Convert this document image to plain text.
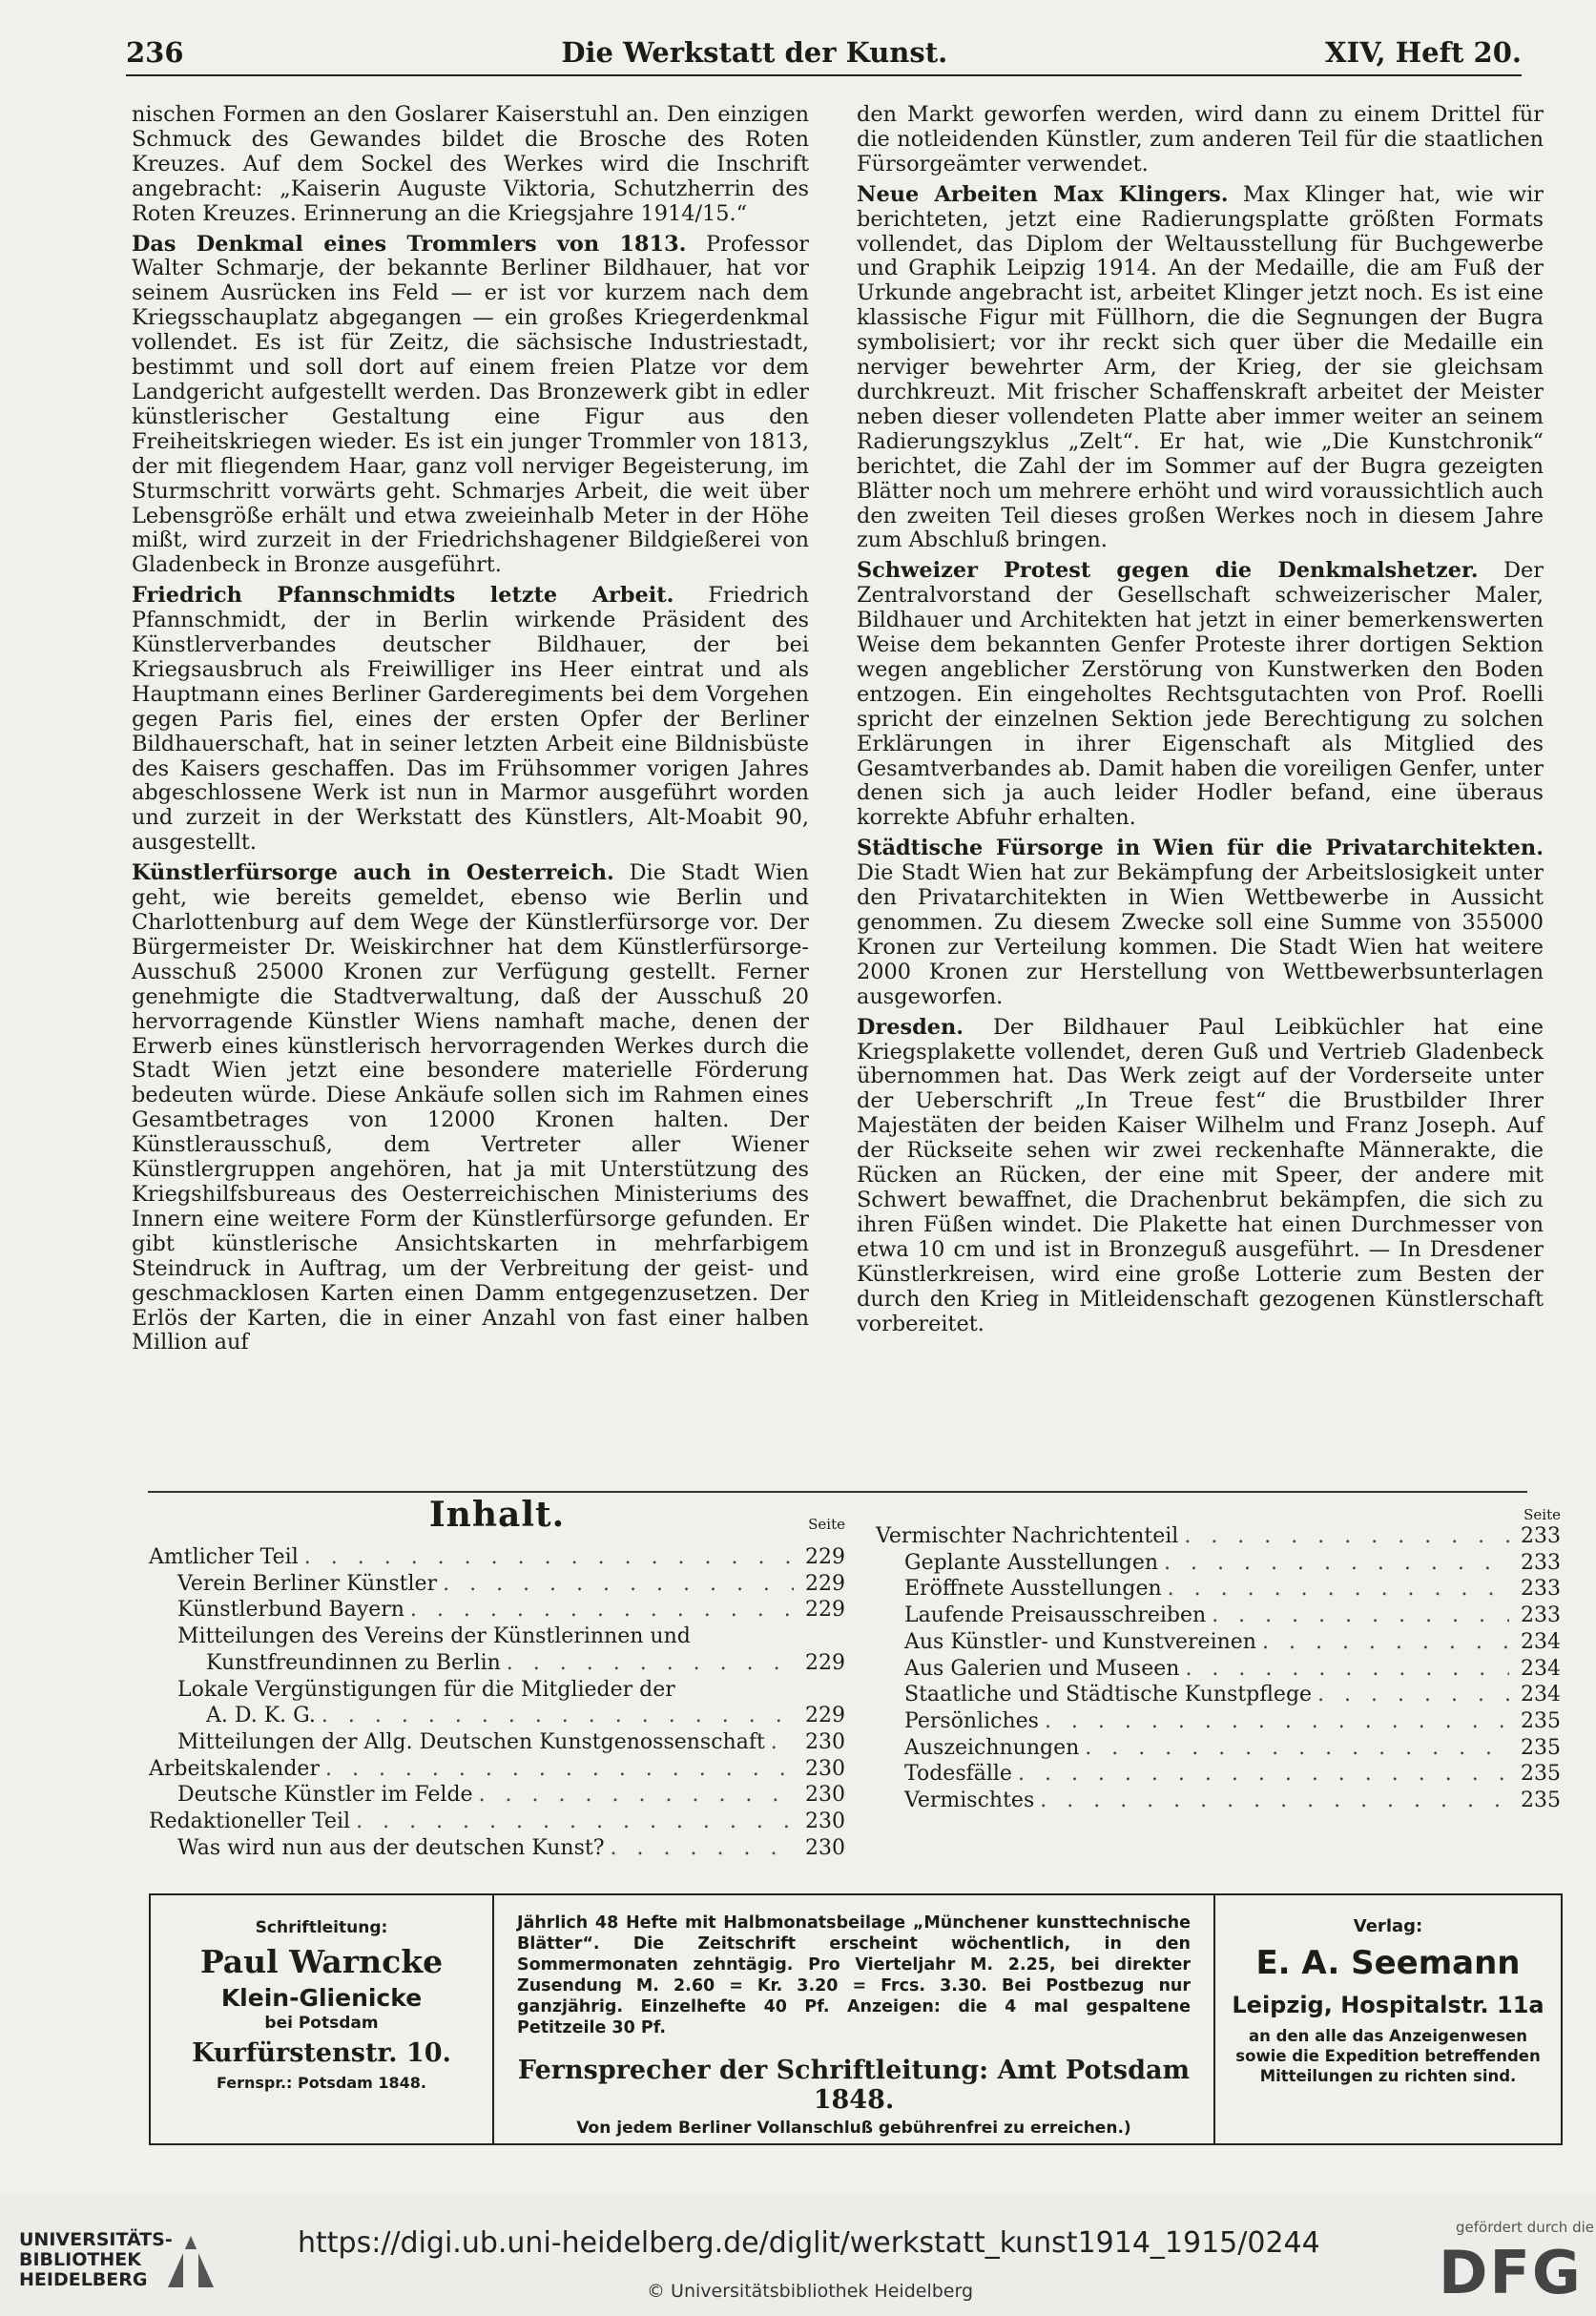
236	Die Werkstatt der Kunst.	XIV, Heft 20.

nischen Formen an den Goslarer Kaiserstuhl an. Den einzigen Schmuck des Gewandes bildet die Brosche des Roten Kreuzes. Auf dem Sockel des Werkes wird die Inschrift angebracht: „Kaiserin Auguste Viktoria, Schutzherrin des Roten Kreuzes. Erinnerung an die Kriegsjahre 1914/15.“

Das Denkmal eines Trommlers von 1813. Professor Walter Schmarje, der bekannte Berliner Bildhauer, hat vor seinem Ausrücken ins Feld — er ist vor kurzem nach dem Kriegsschauplatz abgegangen — ein großes Kriegerdenkmal vollendet. Es ist für Zeitz, die sächsische Industriestadt, bestimmt und soll dort auf einem freien Platze vor dem Landgericht aufgestellt werden. Das Bronzewerk gibt in edler künstlerischer Gestaltung eine Figur aus den Freiheitskriegen wieder. Es ist ein junger Trommler von 1813, der mit fliegendem Haar, ganz voll nerviger Begeisterung, im Sturmschritt vorwärts geht. Schmarjes Arbeit, die weit über Lebensgröße erhält und etwa zweieinhalb Meter in der Höhe mißt, wird zurzeit in der Friedrichshagener Bildgießerei von Gladenbeck in Bronze ausgeführt.

Friedrich Pfannschmidts letzte Arbeit. Friedrich Pfannschmidt, der in Berlin wirkende Präsident des Künstlerverbandes deutscher Bildhauer, der bei Kriegsausbruch als Freiwilliger ins Heer eintrat und als Hauptmann eines Berliner Garderegiments bei dem Vorgehen gegen Paris fiel, eines der ersten Opfer der Berliner Bildhauerschaft, hat in seiner letzten Arbeit eine Bildnisbüste des Kaisers geschaffen. Das im Frühsommer vorigen Jahres abgeschlossene Werk ist nun in Marmor ausgeführt worden und zurzeit in der Werkstatt des Künstlers, Alt-Moabit 90, ausgestellt.

Künstlerfürsorge auch in Oesterreich. Die Stadt Wien geht, wie bereits gemeldet, ebenso wie Berlin und Charlottenburg auf dem Wege der Künstlerfürsorge vor. Der Bürgermeister Dr. Weiskirchner hat dem Künstlerfürsorge-Ausschuß 25000 Kronen zur Verfügung gestellt. Ferner genehmigte die Stadtverwaltung, daß der Ausschuß 20 hervorragende Künstler Wiens namhaft mache, denen der Erwerb eines künstlerisch hervorragenden Werkes durch die Stadt Wien jetzt eine besondere materielle Förderung bedeuten würde. Diese Ankäufe sollen sich im Rahmen eines Gesamtbetrages von 12000 Kronen halten. Der Künstlerausschuß, dem Vertreter aller Wiener Künstlergruppen angehören, hat ja mit Unterstützung des Kriegshilfsbureaus des Oesterreichischen Ministeriums des Innern eine weitere Form der Künstlerfürsorge gefunden. Er gibt künstlerische Ansichtskarten in mehrfarbigem Steindruck in Auftrag, um der Verbreitung der geist- und geschmacklosen Karten einen Damm entgegenzusetzen. Der Erlös der Karten, die in einer Anzahl von fast einer halben Million auf

den Markt geworfen werden, wird dann zu einem Drittel für die notleidenden Künstler, zum anderen Teil für die staatlichen Fürsorgeämter verwendet.

Neue Arbeiten Max Klingers. Max Klinger hat, wie wir berichteten, jetzt eine Radierungsplatte größten Formats vollendet, das Diplom der Weltausstellung für Buchgewerbe und Graphik Leipzig 1914. An der Medaille, die am Fuß der Urkunde angebracht ist, arbeitet Klinger jetzt noch. Es ist eine klassische Figur mit Füllhorn, die die Segnungen der Bugra symbolisiert; vor ihr reckt sich quer über die Medaille ein nerviger bewehrter Arm, der Krieg, der sie gleichsam durchkreuzt. Mit frischer Schaffenskraft arbeitet der Meister neben dieser vollendeten Platte aber immer weiter an seinem Radierungszyklus „Zelt“. Er hat, wie „Die Kunstchronik“ berichtet, die Zahl der im Sommer auf der Bugra gezeigten Blätter noch um mehrere erhöht und wird voraussichtlich auch den zweiten Teil dieses großen Werkes noch in diesem Jahre zum Abschluß bringen.

Schweizer Protest gegen die Denkmalshetzer. Der Zentralvorstand der Gesellschaft schweizerischer Maler, Bildhauer und Architekten hat jetzt in einer bemerkenswerten Weise dem bekannten Genfer Proteste ihrer dortigen Sektion wegen angeblicher Zerstörung von Kunstwerken den Boden entzogen. Ein eingeholtes Rechtsgutachten von Prof. Roelli spricht der einzelnen Sektion jede Berechtigung zu solchen Erklärungen in ihrer Eigenschaft als Mitglied des Gesamtverbandes ab. Damit haben die voreiligen Genfer, unter denen sich ja auch leider Hodler befand, eine überaus korrekte Abfuhr erhalten.

Städtische Fürsorge in Wien für die Privatarchitekten. Die Stadt Wien hat zur Bekämpfung der Arbeitslosigkeit unter den Privatarchitekten in Wien Wettbewerbe in Aussicht genommen. Zu diesem Zwecke soll eine Summe von 355000 Kronen zur Verteilung kommen. Die Stadt Wien hat weitere 2000 Kronen zur Herstellung von Wettbewerbsunterlagen ausgeworfen.

Dresden. Der Bildhauer Paul Leibküchler hat eine Kriegsplakette vollendet, deren Guß und Vertrieb Gladenbeck übernommen hat. Das Werk zeigt auf der Vorderseite unter der Ueberschrift „In Treue fest“ die Brustbilder Ihrer Majestäten der beiden Kaiser Wilhelm und Franz Joseph. Auf der Rückseite sehen wir zwei reckenhafte Männerakte, die Rücken an Rücken, der eine mit Speer, der andere mit Schwert bewaffnet, die Drachenbrut bekämpfen, die sich zu ihren Füßen windet. Die Plakette hat einen Durchmesser von etwa 10 cm und ist in Bronzeguß ausgeführt. — In Dresdener Künstlerkreisen, wird eine große Lotterie zum Besten der durch den Krieg in Mitleidenschaft gezogenen Künstlerschaft vorbereitet.

Inhalt.	Seite
Amtlicher Teil . . .	229
Verein Berliner Künstler . . .	229
Künstlerbund Bayern . . .	229
Mitteilungen des Vereins der Künstlerinnen und
Kunstfreundinnen zu Berlin . . .	229
Lokale Vergünstigungen für die Mitglieder der
A. D. K. G. . . .	229
Mitteilungen der Allg. Deutschen Kunstgenossenschaft . . . 230
Arbeitskalender . . .	230
Deutsche Künstler im Felde . . .	230
Redaktioneller Teil . . .	230
Was wird nun aus der deutschen Kunst? . . .	230
Seite
Vermischter Nachrichtenteil . . .	233
Geplante Ausstellungen . . .	233
Eröffnete Ausstellungen . . .	233
Laufende Preisausschreiben . . .	233
Aus Künstler- und Kunstvereinen . . .	234
Aus Galerien und Museen . . .	234
Staatliche und Städtische Kunstpflege . . .	234
Persönliches . . .	235
Auszeichnungen . . .	235
Todesfälle . . .	235
Vermischtes . . .	235
Schriftleitung:
Paul Warncke
Klein-Glienicke
bei Potsdam
Kurfürstenstr. 10.
Fernspr.: Potsdam 1848.
Jährlich 48 Hefte mit Halbmonatsbeilage „Münchener kunsttechnische Blätter“. Die Zeitschrift erscheint wöchentlich, in den Sommermonaten zehntägig. Pro Vierteljahr M. 2.25, bei direkter Zusendung M. 2.60 = Kr. 3.20 = Frcs. 3.30. Bei Postbezug nur ganzjährig. Einzelhefte 40 Pf. Anzeigen: die 4 mal gespaltene Petitzeile 30 Pf.
Fernsprecher der Schriftleitung: Amt Potsdam 1848.
Von jedem Berliner Vollanschluß gebührenfrei zu erreichen.)
Verlag:
E. A. Seemann
Leipzig, Hospitalstr. 11a
an den alle das Anzeigenwesen sowie die Expedition betreffenden Mitteilungen zu richten sind.
UNIVERSITÄTS-
BIBLIOTHEK
HEIDELBERG
https://digi.ub.uni-heidelberg.de/diglit/werkstatt_kunst1914_1915/0244
© Universitätsbibliothek Heidelberg
gefördert durch die
DFG
